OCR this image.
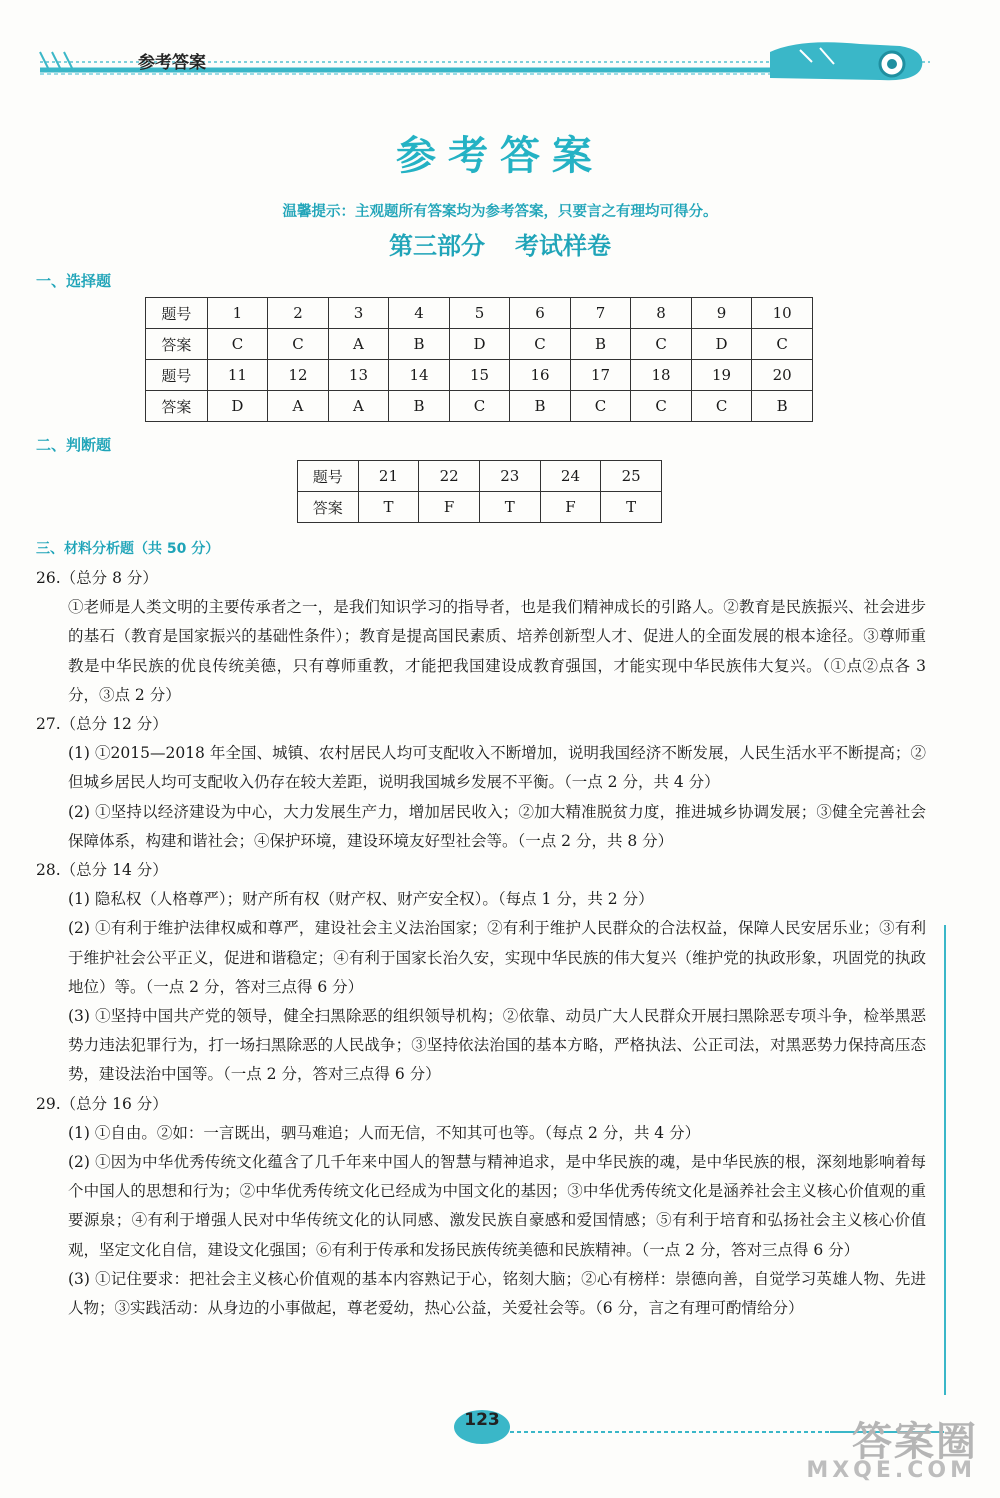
参考答案
参考答案
温馨提示：主观题所有答案均为参考答案，只要言之有理均可得分。
第三部分 考试样卷
一、选择题
题号	1	2	3	4	5	6	7	8	9	10
答案	C	C	A	B	D	C	B	C	D	C
题号	11	12	13	14	15	16	17	18	19	20
答案	D	A	A	B	C	B	C	C	C	B
二、判断题
题号	21	22	23	24	25
答案	T	F	T	F	T
三、材料分析题（共 50 分）

26.（总分 8 分）

①老师是人类文明的主要传承者之一，是我们知识学习的指导者，也是我们精神成长的引路人。②教育是民族振兴、社会进步的基石（教育是国家振兴的基础性条件）；教育是提高国民素质、培养创新型人才、促进人的全面发展的根本途径。③尊师重教是中华民族的优良传统美德，只有尊师重教，才能把我国建设成教育强国，才能实现中华民族伟大复兴。（①点②点各 3 分，③点 2 分）

27.（总分 12 分）

(1) ①2015—2018 年全国、城镇、农村居民人均可支配收入不断增加，说明我国经济不断发展，人民生活水平不断提高；②但城乡居民人均可支配收入仍存在较大差距，说明我国城乡发展不平衡。（一点 2 分，共 4 分）

(2) ①坚持以经济建设为中心，大力发展生产力，增加居民收入；②加大精准脱贫力度，推进城乡协调发展；③健全完善社会保障体系，构建和谐社会；④保护环境，建设环境友好型社会等。（一点 2 分，共 8 分）

28.（总分 14 分）

(1) 隐私权（人格尊严）；财产所有权（财产权、财产安全权）。（每点 1 分，共 2 分）

(2) ①有利于维护法律权威和尊严，建设社会主义法治国家；②有利于维护人民群众的合法权益，保障人民安居乐业；③有利于维护社会公平正义，促进和谐稳定；④有利于国家长治久安，实现中华民族的伟大复兴（维护党的执政形象，巩固党的执政地位）等。（一点 2 分，答对三点得 6 分）

(3) ①坚持中国共产党的领导，健全扫黑除恶的组织领导机构；②依靠、动员广大人民群众开展扫黑除恶专项斗争，检举黑恶势力违法犯罪行为，打一场扫黑除恶的人民战争；③坚持依法治国的基本方略，严格执法、公正司法，对黑恶势力保持高压态势，建设法治中国等。（一点 2 分，答对三点得 6 分）

29.（总分 16 分）

(1) ①自由。②如：一言既出，驷马难追；人而无信，不知其可也等。（每点 2 分，共 4 分）

(2) ①因为中华优秀传统文化蕴含了几千年来中国人的智慧与精神追求，是中华民族的魂，是中华民族的根，深刻地影响着每个中国人的思想和行为；②中华优秀传统文化已经成为中国文化的基因；③中华优秀传统文化是涵养社会主义核心价值观的重要源泉；④有利于增强人民对中华传统文化的认同感、激发民族自豪感和爱国情感；⑤有利于培育和弘扬社会主义核心价值观，坚定文化自信，建设文化强国；⑥有利于传承和发扬民族传统美德和民族精神。（一点 2 分，答对三点得 6 分）

(3) ①记住要求：把社会主义核心价值观的基本内容熟记于心，铭刻大脑；②心有榜样：崇德向善，自觉学习英雄人物、先进人物；③实践活动：从身边的小事做起，尊老爱幼，热心公益，关爱社会等。（6 分，言之有理可酌情给分）

123	答案圈
MXQE.COM
